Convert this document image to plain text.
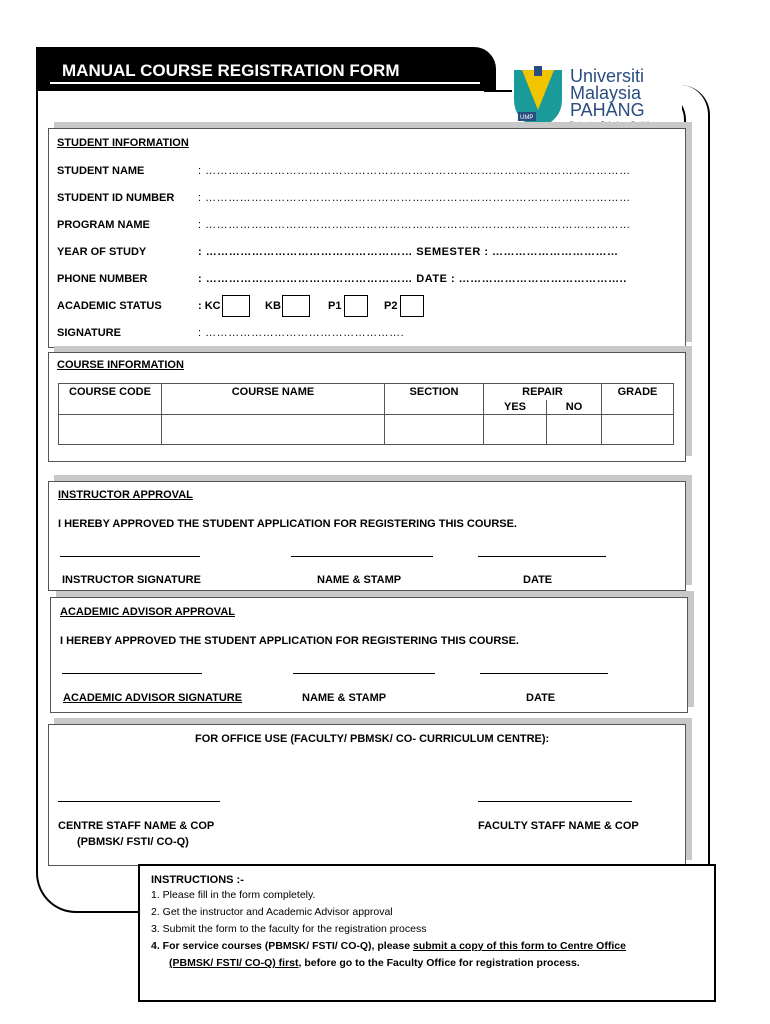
MANUAL COURSE REGISTRATION FORM
UMP
Universiti
Malaysia
PAHANG
Engineering • Technology • Creativity
STUDENT INFORMATION
STUDENT NAME	: …………………………………………………………………………………………………
STUDENT ID NUMBER : …………………………………………………………………………………………………
PROGRAM NAME	: …………………………………………………………………………………………………
YEAR OF STUDY	: ……………………………………………… SEMESTER : ……………………………
PHONE NUMBER	: ……………………………………………… DATE : ……………………………………..
ACADEMIC STATUS	: KC	KB	P1	P2
SIGNATURE	: …………………………………………….
COURSE INFORMATION
COURSE CODE	COURSE NAME	SECTION	REPAIR		GRADE
			YES	NO	

INSTRUCTOR APPROVAL
I HEREBY APPROVED THE STUDENT APPLICATION FOR REGISTERING THIS COURSE.
INSTRUCTOR SIGNATURE	NAME & STAMP	DATE
ACADEMIC ADVISOR APPROVAL
I HEREBY APPROVED THE STUDENT APPLICATION FOR REGISTERING THIS COURSE.
ACADEMIC ADVISOR SIGNATURE	NAME & STAMP	DATE
FOR OFFICE USE (FACULTY/ PBMSK/ CO- CURRICULUM CENTRE):
CENTRE STAFF NAME & COP
(PBMSK/ FSTI/ CO-Q)
FACULTY STAFF NAME & COP
INSTRUCTIONS :-
1. Please fill in the form completely.
2. Get the instructor and Academic Advisor approval
3. Submit the form to the faculty for the registration process
4. For service courses (PBMSK/ FSTI/ CO-Q), please submit a copy of this form to Centre Office
(PBMSK/ FSTI/ CO-Q) first, before go to the Faculty Office for registration process.
